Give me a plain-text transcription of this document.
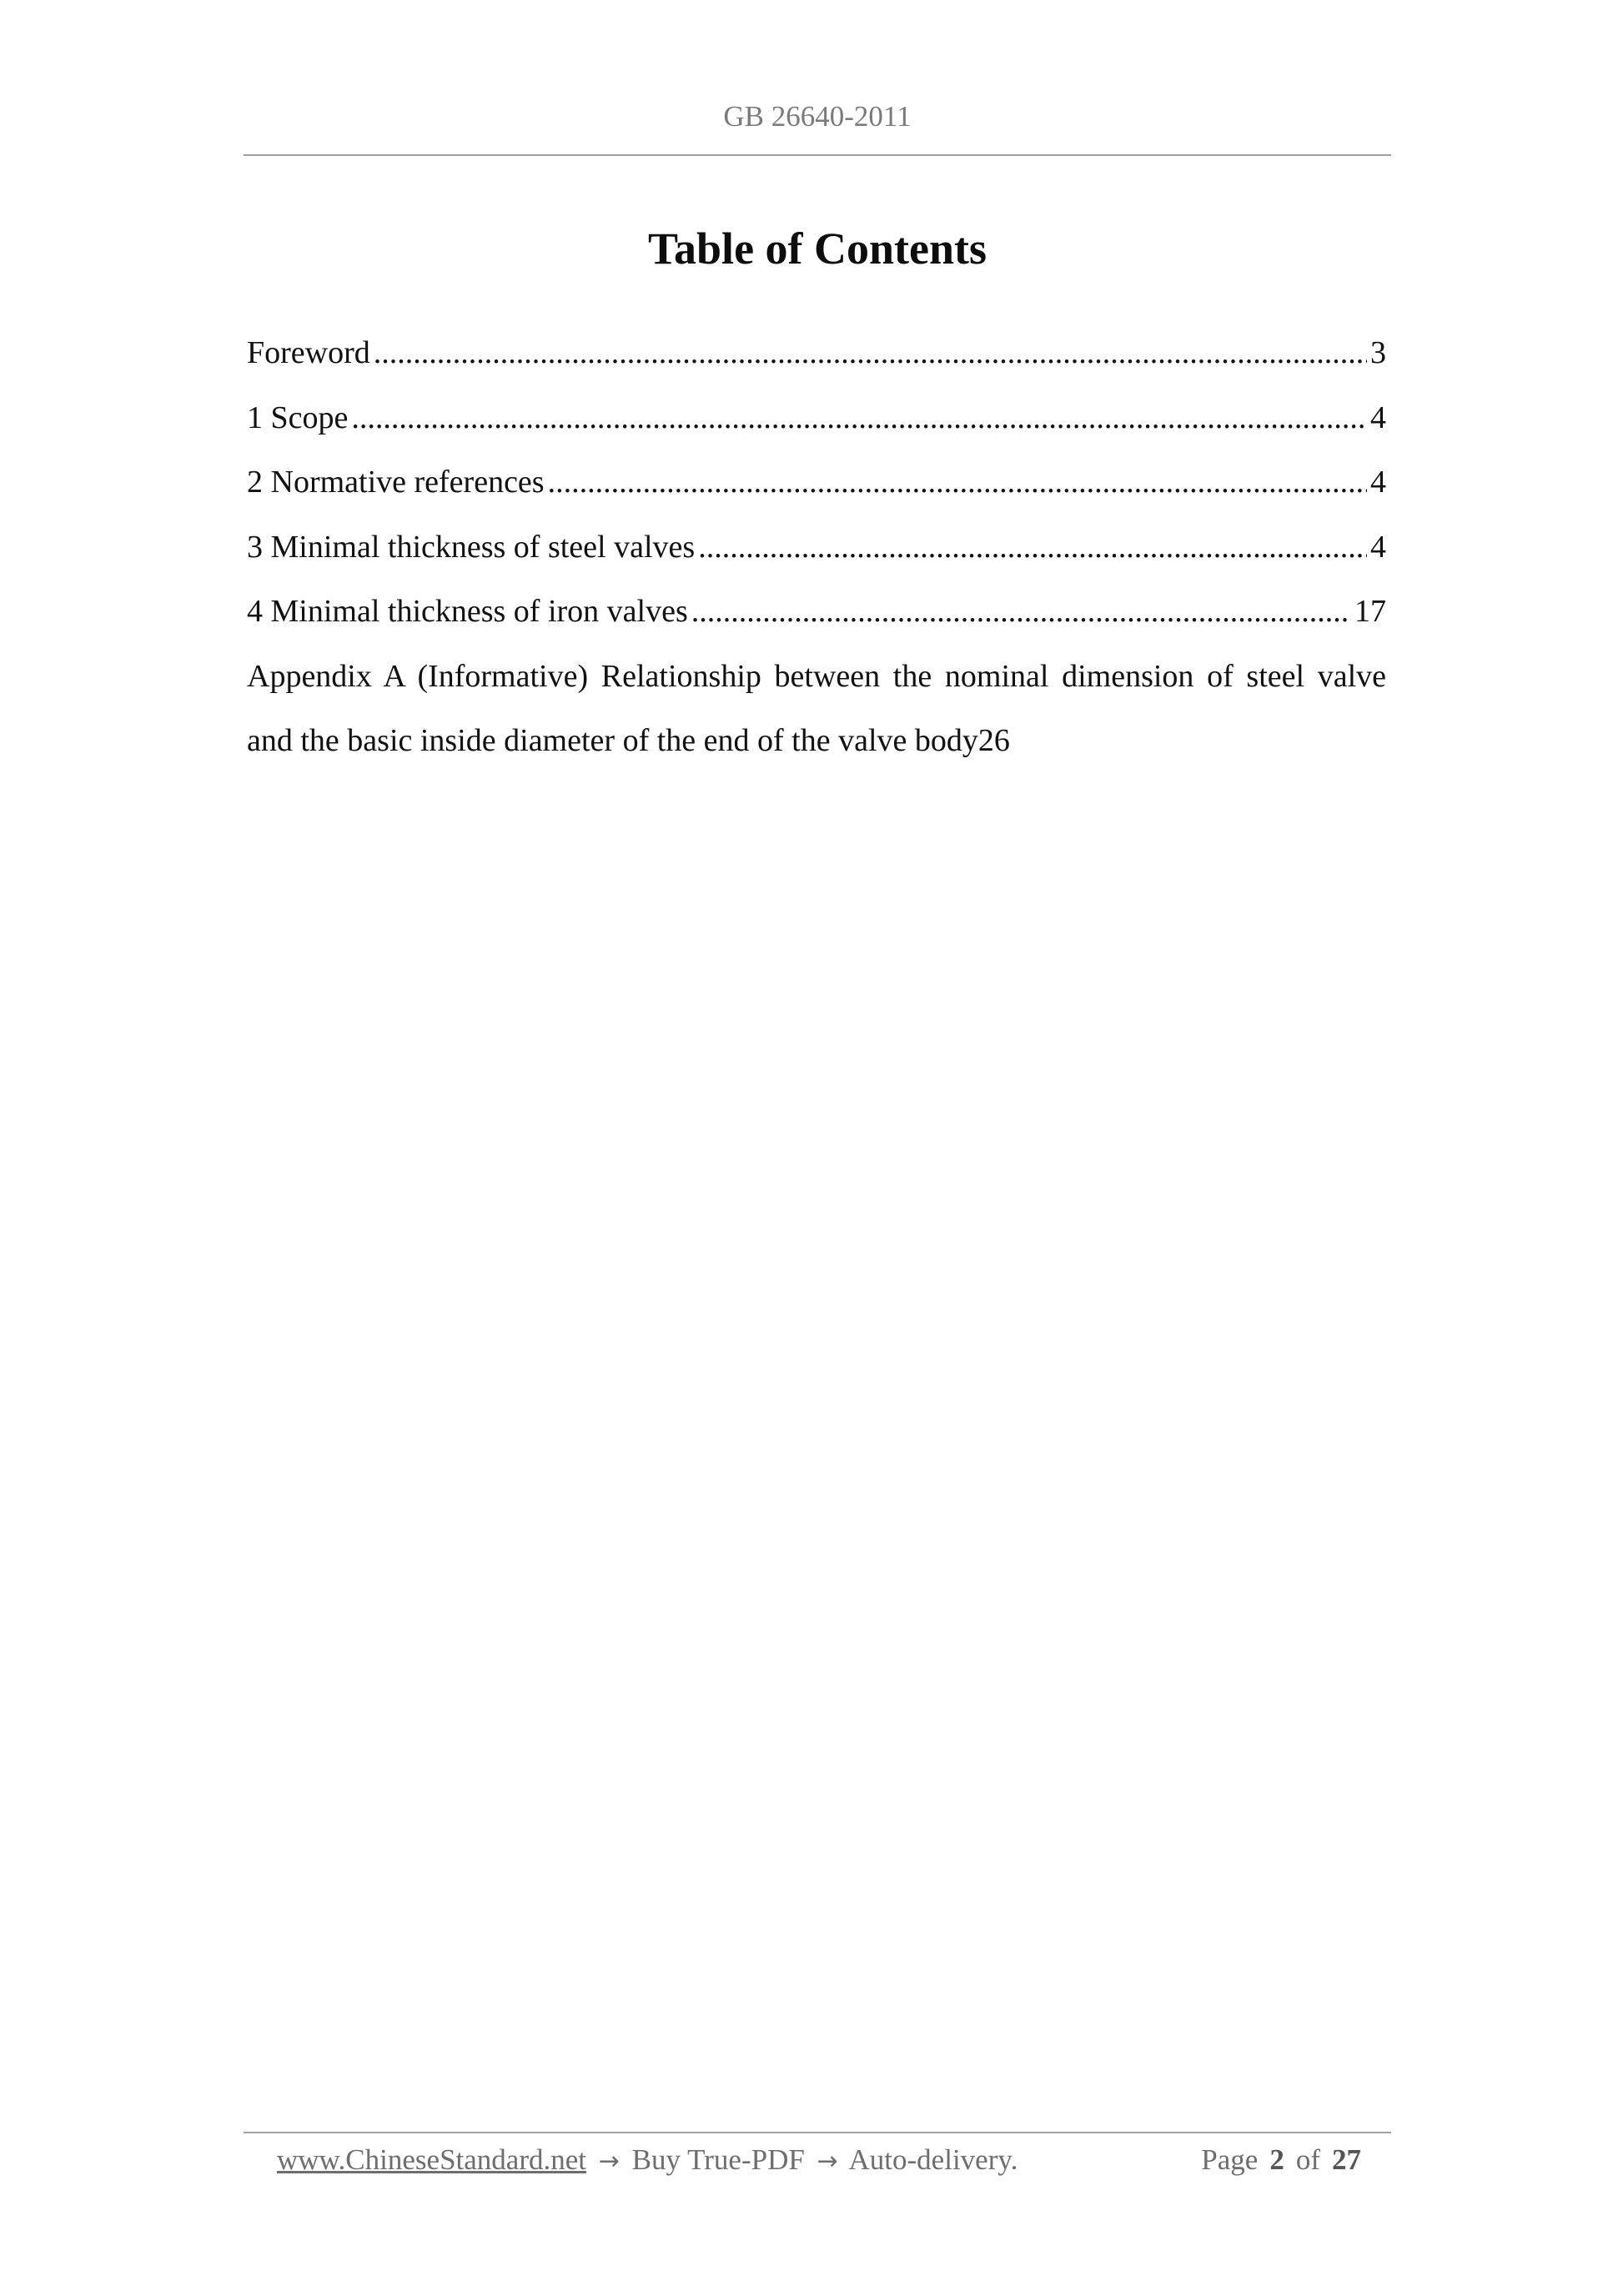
GB 26640-2011
Table of Contents
Foreword .....	3
1 Scope .....	4
2 Normative references .....	4
3 Minimal thickness of steel valves .....	4
4 Minimal thickness of iron valves .....	17
Appendix A (Informative) Relationship between the nominal dimension of steel valve
and the basic inside diameter of the end of the valve body 26
www.ChineseStandard.net → Buy True-PDF → Auto-delivery.	Page 2 of 27
